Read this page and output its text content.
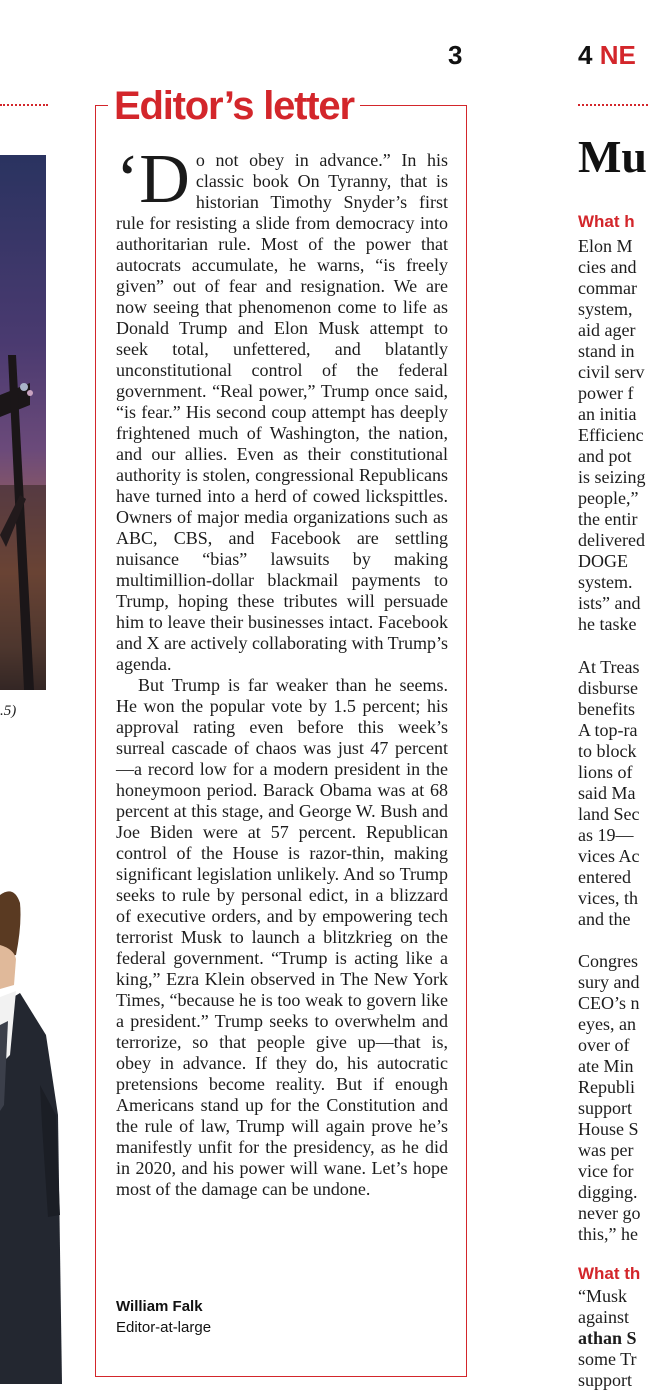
.5)
3
Editor’s letter

‘Do not obey in advance.” In his classic book On Tyranny, that is historian Timothy Snyder’s first rule for resisting a slide from democracy into authoritarian rule. Most of the power that autocrats accumulate, he warns, “is freely given” out of fear and resignation. We are now seeing that phenomenon come to life as Donald Trump and Elon Musk attempt to seek total, unfettered, and blatantly unconstitutional control of the federal government. “Real power,” Trump once said, “is fear.” His second coup attempt has deeply frightened much of Washington, the nation, and our allies. Even as their constitutional authority is stolen, congressional Republicans have turned into a herd of cowed lickspittles. Owners of major media organizations such as ABC, CBS, and Facebook are settling nuisance “bias” lawsuits by making multimillion-dollar blackmail payments to Trump, hoping these tributes will persuade him to leave their businesses intact. Facebook and X are actively collaborating with Trump’s agenda.

But Trump is far weaker than he seems. He won the popular vote by 1.5 percent; his approval rating even before this week’s surreal cascade of chaos was just 47 percent—a record low for a modern president in the honeymoon period. Barack Obama was at 68 percent at this stage, and George W. Bush and Joe Biden were at 57 percent. Republican control of the House is razor-thin, making significant legislation unlikely. And so Trump seeks to rule by personal edict, in a blizzard of executive orders, and by empowering tech terrorist Musk to launch a blitzkrieg on the federal government. “Trump is acting like a king,” Ezra Klein observed in The New York Times, “because he is too weak to govern like a president.” Trump seeks to overwhelm and terrorize, so that people give up—that is, obey in advance. If they do, his autocratic pretensions become reality. But if enough Americans stand up for the Constitution and the rule of law, Trump will again prove he’s manifestly unfit for the presidency, as he did in 2020, and his power will wane. Let’s hope most of the damage can be undone.

William Falk
Editor-at-large
4 NE
Mu
What h
Elon M
cies and
commar
system,
aid ager
stand in
civil serv
power f
an initia
Efficienc
and pot
is seizing
people,”
the entir
delivered
DOGE
system.
ists” and
he taske
At Treas
disburse
benefits
A top-ra
to block
lions of
said Ma
land Sec
as 19—
vices Ac
entered
vices, th
and the
Congres
sury and
CEO’s n
eyes, an
over of
ate Min
Republi
support
House S
was per
vice for
digging.
never go
this,” he
What th
“Musk
against
athan S
some Tr
support
